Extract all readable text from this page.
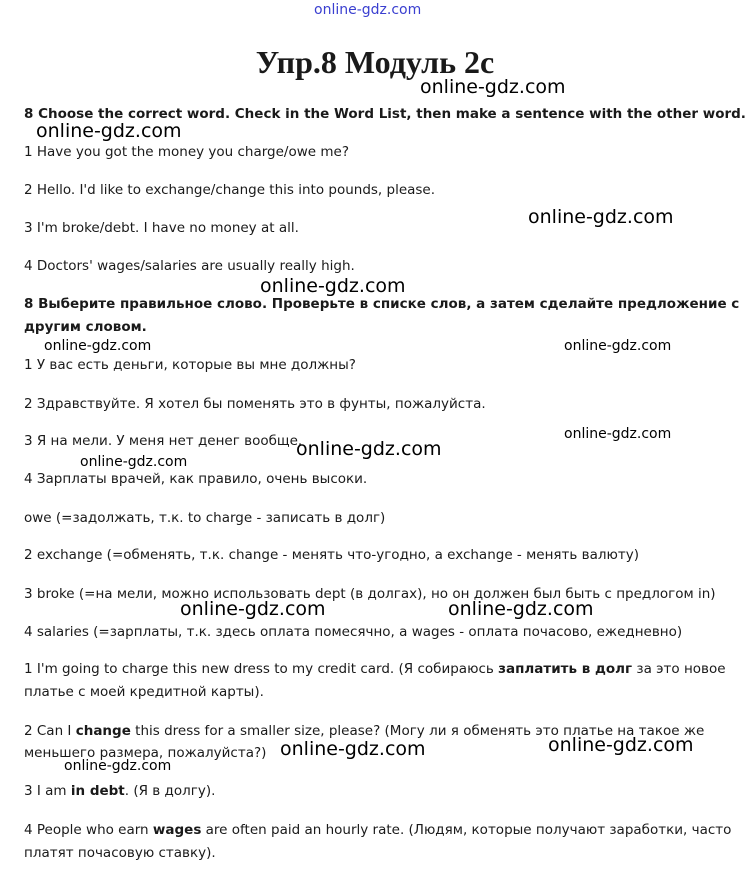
online-gdz.com
Упр.8 Модуль 2с
8 Choose the correct word. Check in the Word List, then make a sentence with the other word.
1 Have you got the money you charge/owe me?
2 Hello. I'd like to exchange/change this into pounds, please.
3 I'm broke/debt. I have no money at all.
4 Doctors' wages/salaries are usually really high.
8 Выберите правильное слово. Проверьте в списке слов, а затем сделайте предложение с
другим словом.
1 У вас есть деньги, которые вы мне должны?
2 Здравствуйте. Я хотел бы поменять это в фунты, пожалуйста.
3 Я на мели. У меня нет денег вообще.
4 Зарплаты врачей, как правило, очень высоки.
owe (=задолжать, т.к. to charge - записать в долг)
2 exchange (=обменять, т.к. change - менять что-угодно, а exchange - менять валюту)
3 broke (=на мели, можно использовать dept (в долгах), но он должен был быть с предлогом in)
4 salaries (=зарплаты, т.к. здесь оплата помесячно, а wages - оплата почасово, ежедневно)
1 I'm going to charge this new dress to my credit card. (Я собираюсь заплатить в долг за это новое
платье с моей кредитной карты).
2 Can I change this dress for a smaller size, please? (Могу ли я обменять это платье на такое же
меньшего размера, пожалуйста?)
3 I am in debt. (Я в долгу).
4 People who earn wages are often paid an hourly rate. (Людям, которые получают заработки, часто
платят почасовую ставку).
online-gdz.com
online-gdz.com
online-gdz.com
online-gdz.com
online-gdz.com	online-gdz.com
online-gdz.com
online-gdz.com
online-gdz.com
online-gdz.com	online-gdz.com
online-gdz.com	online-gdz.com
online-gdz.com
